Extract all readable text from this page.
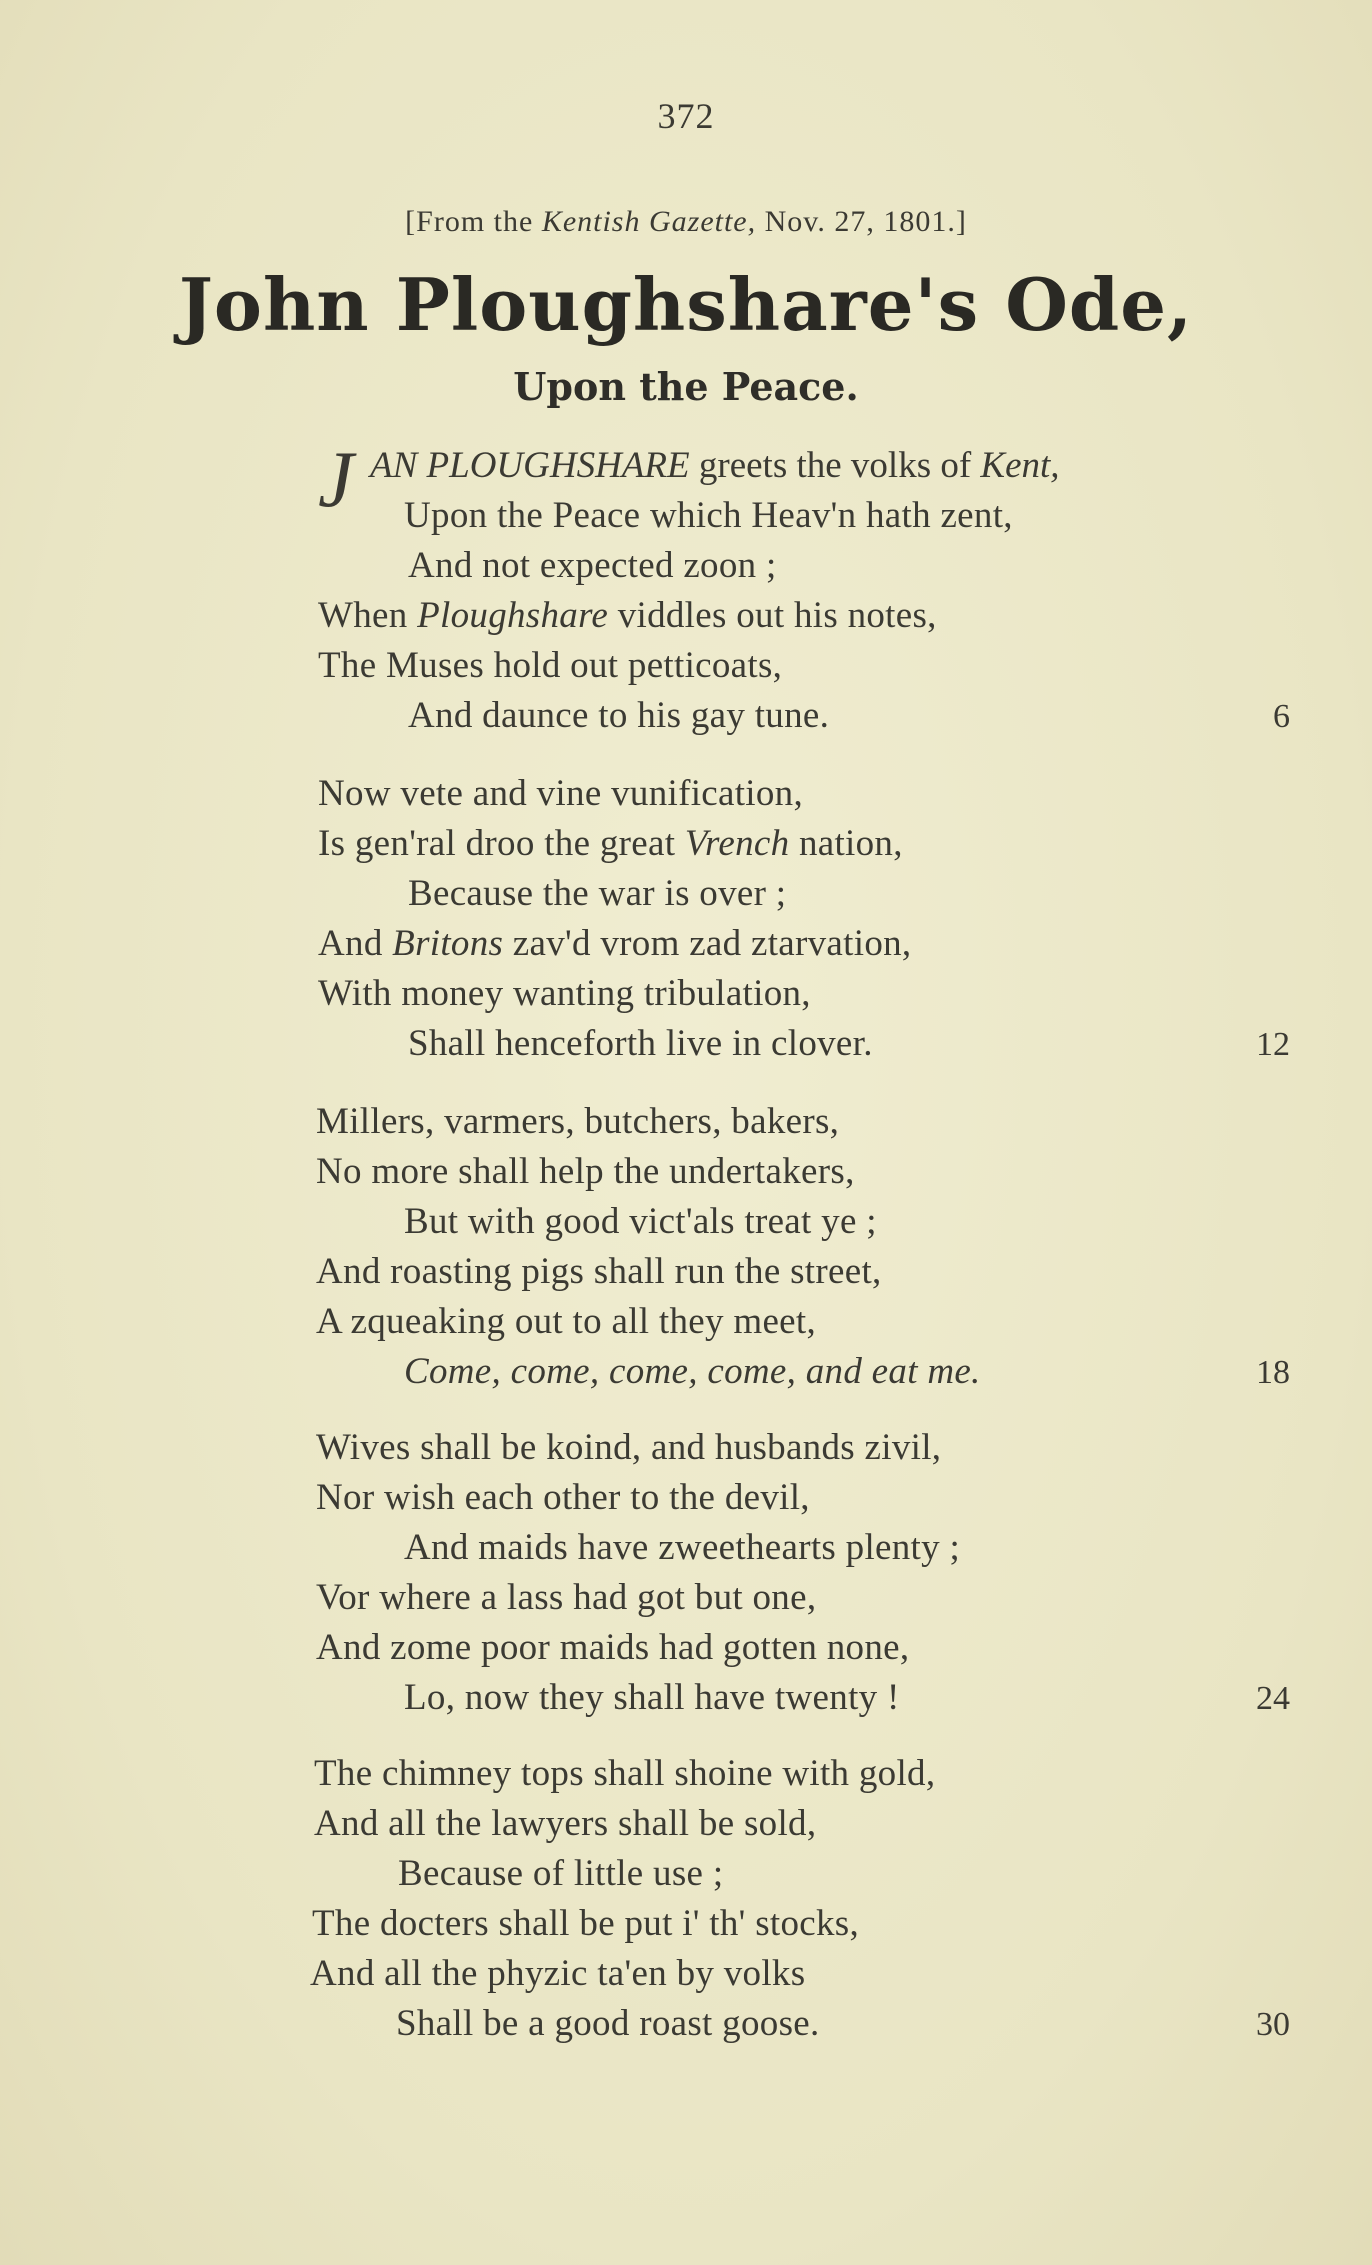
372
[From the Kentish Gazette, Nov. 27, 1801.]
John Ploughshare's Ode,
Upon the Peace.
J AN PLOUGHSHARE greets the volks of Kent,
Upon the Peace which Heav'n hath zent,
And not expected zoon ;
When Ploughshare viddles out his notes,
The Muses hold out petticoats,
And daunce to his gay tune.	6
Now vete and vine vunification,
Is gen'ral droo the great Vrench nation,
Because the war is over ;
And Britons zav'd vrom zad ztarvation,
With money wanting tribulation,
Shall henceforth live in clover.	12
Millers, varmers, butchers, bakers,
No more shall help the undertakers,
But with good vict'als treat ye ;
And roasting pigs shall run the street,
A zqueaking out to all they meet,
Come, come, come, come, and eat me.	18
Wives shall be koind, and husbands zivil,
Nor wish each other to the devil,
And maids have zweethearts plenty ;
Vor where a lass had got but one,
And zome poor maids had gotten none,
Lo, now they shall have twenty !	24
The chimney tops shall shoine with gold,
And all the lawyers shall be sold,
Because of little use ;
The docters shall be put i' th' stocks,
And all the phyzic ta'en by volks
Shall be a good roast goose.	30
